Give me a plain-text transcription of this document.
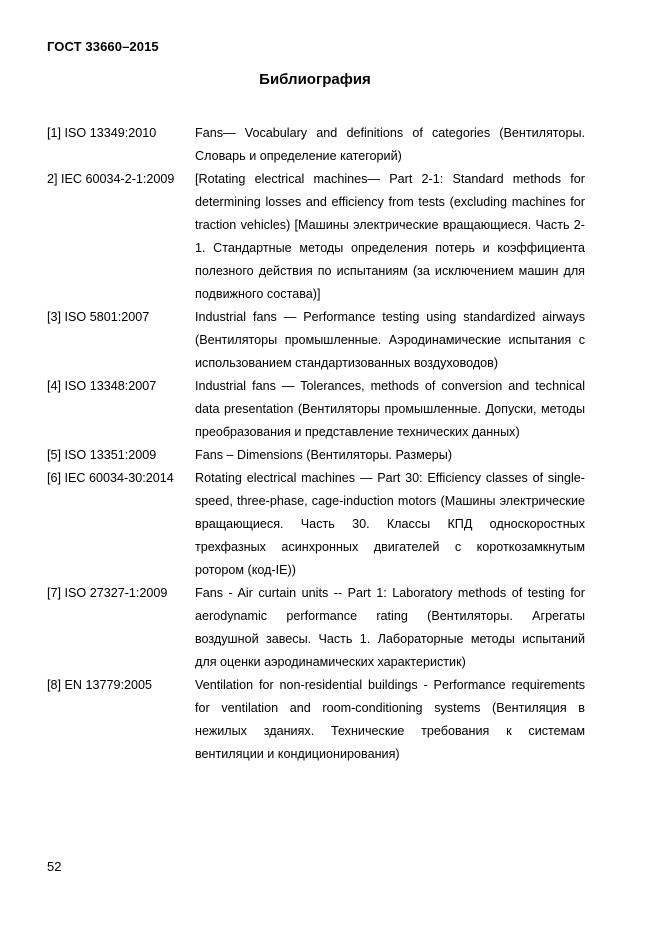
ГОСТ 33660–2015
Библиография
[1] ISO 13349:2010	Fans— Vocabulary and definitions of categories (Вентиляторы. Словарь и определение категорий)
2] IEC 60034-2-1:2009	[Rotating electrical machines— Part 2-1: Standard methods for determining losses and efficiency from tests (excluding machines for traction vehicles) [Машины электрические вращающиеся. Часть 2-1. Стандартные методы определения потерь и коэффициента полезного действия по испытаниям (за исключением машин для подвижного состава)]
[3] ISO 5801:2007	Industrial fans — Performance testing using standardized airways (Вентиляторы промышленные. Аэродинамические испытания с использованием стандартизованных воздуховодов)
[4] ISO 13348:2007	Industrial fans — Tolerances, methods of conversion and technical data presentation (Вентиляторы промышленные. Допуски, методы преобразования и представление технических данных)
[5] ISO 13351:2009	Fans – Dimensions (Вентиляторы. Размеры)
[6] IEC 60034-30:2014	Rotating electrical machines — Part 30: Efficiency classes of single-speed, three-phase, cage-induction motors (Машины электрические вращающиеся. Часть 30. Классы КПД односкоростных трехфазных асинхронных двигателей с короткозамкнутым ротором (код-IE))
[7] ISO 27327-1:2009	Fans - Air curtain units -- Part 1: Laboratory methods of testing for aerodynamic performance rating (Вентиляторы. Агрегаты воздушной завесы. Часть 1. Лабораторные методы испытаний для оценки аэродинамических характеристик)
[8] EN 13779:2005	Ventilation for non-residential buildings - Performance requirements for ventilation and room-conditioning systems (Вентиляция в нежилых зданиях. Технические требования к системам вентиляции и кондиционирования)
52
